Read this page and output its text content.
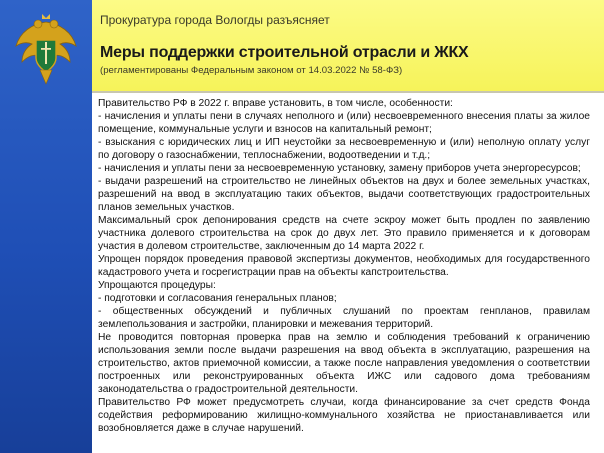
Прокуратура города Вологды разъясняет
Меры поддержки строительной отрасли и ЖКХ
(регламентированы Федеральным законом от 14.03.2022 № 58-ФЗ)

Правительство РФ в 2022 г. вправе установить, в том числе, особенности:

- начисления и уплаты пени в случаях неполного и (или) несвоевременного внесения платы за жилое помещение, коммунальные услуги и взносов на капитальный ремонт;

- взыскания с юридических лиц и ИП неустойки за несвоевременную и (или) неполную оплату услуг по договору о газоснабжении, теплоснабжении, водоотведении и т.д.;

- начисления и уплаты пени за несвоевременную установку, замену приборов учета энергоресурсов;

- выдачи разрешений на строительство не линейных объектов на двух и более земельных участках, разрешений на ввод в эксплуатацию таких объектов, выдачи соответствующих градостроительных планов земельных участков.

Максимальный срок депонирования средств на счете эскроу может быть продлен по заявлению участника долевого строительства на срок до двух лет. Это правило применяется и к договорам участия в долевом строительстве, заключенным до 14 марта 2022 г.

Упрощен порядок проведения правовой экспертизы документов, необходимых для государственного кадастрового учета и госрегистрации прав на объекты капстроительства.

Упрощаются процедуры:

- подготовки и согласования генеральных планов;

- общественных обсуждений и публичных слушаний по проектам генпланов, правилам землепользования и застройки, планировки и межевания территорий.

Не проводится повторная проверка прав на землю и соблюдения требований к ограничению использования земли после выдачи разрешения на ввод объекта в эксплуатацию, разрешения на строительство, актов приемочной комиссии, а также после направления уведомления о соответствии построенных или реконструированных объекта ИЖС или садового дома требованиям законодательства о градостроительной деятельности.

Правительство РФ может предусмотреть случаи, когда финансирование за счет средств Фонда содействия реформированию жилищно-коммунального хозяйства не приостанавливается или возобновляется даже в случае нарушений.
